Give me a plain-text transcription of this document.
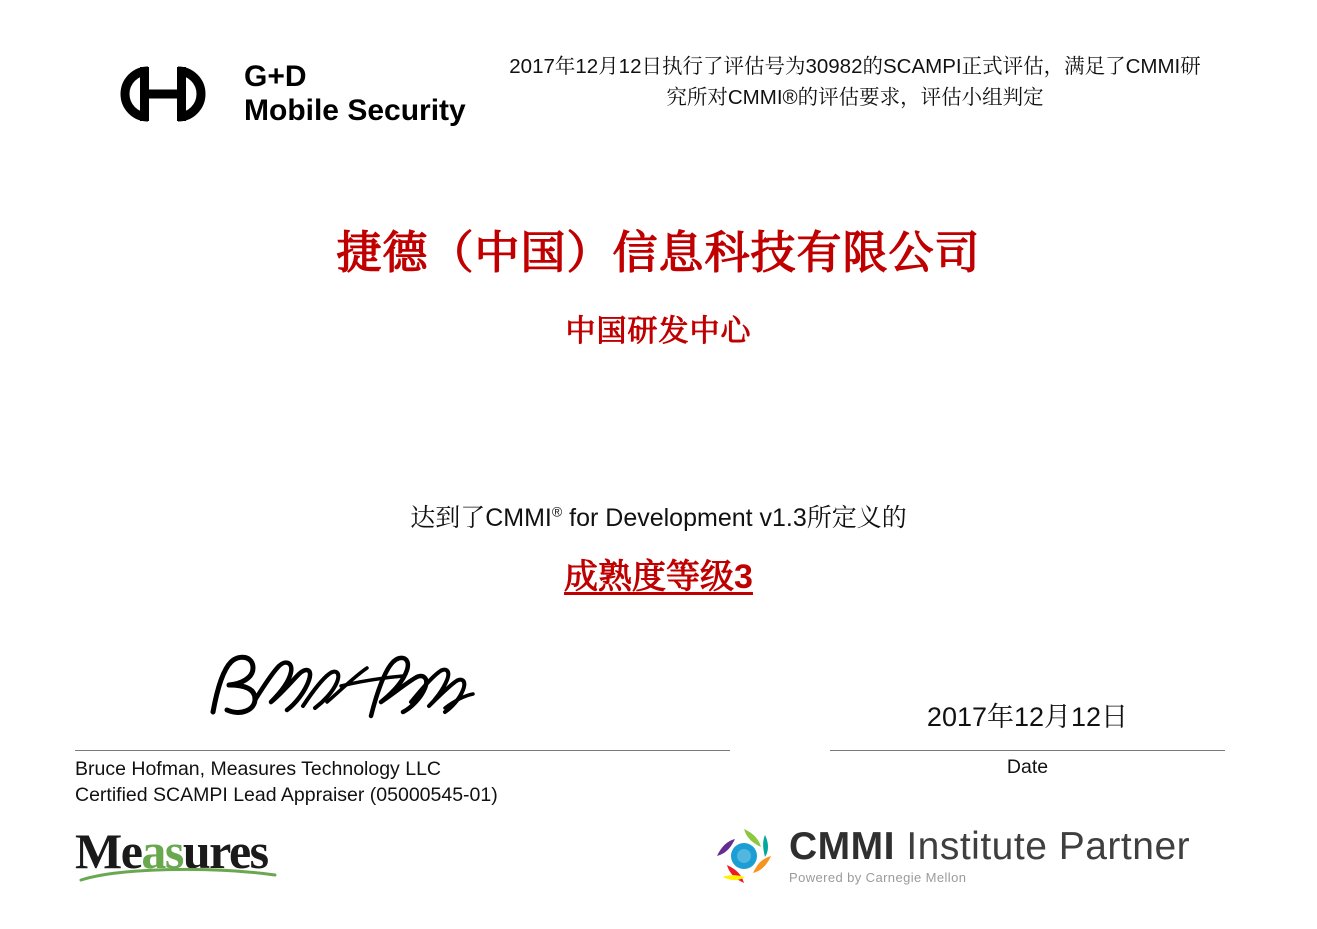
G+D
Mobile Security
2017年12月12日执行了评估号为30982的SCAMPI正式评估，满足了CMMI研究所对CMMI®的评估要求，评估小组判定
捷德（中国）信息科技有限公司
中国研发中心
达到了CMMI® for Development v1.3所定义的
成熟度等级3
Bruce Hofman, Measures Technology LLC
Certified SCAMPI Lead Appraiser (05000545-01)
2017年12月12日
Date
Measures	CMMI Institute Partner
Powered by Carnegie Mellon
